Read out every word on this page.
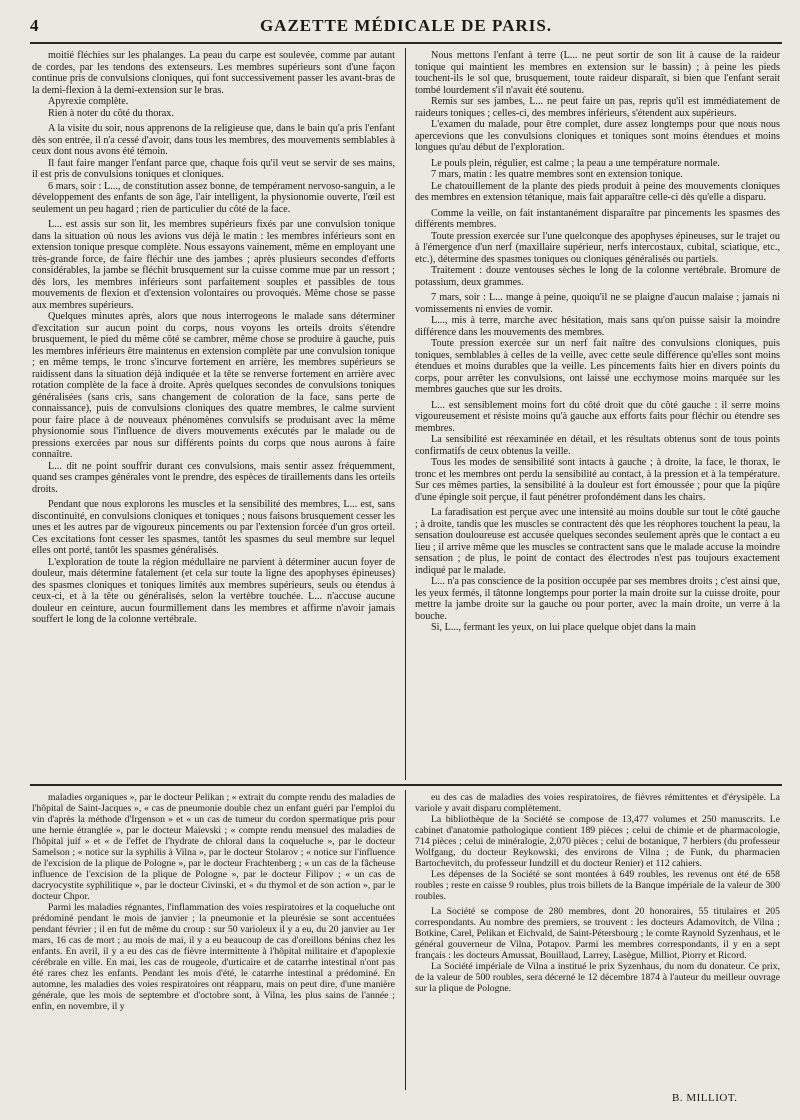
4	GAZETTE MÉDICALE DE PARIS.

moitié fléchies sur les phalanges. La peau du carpe est soulevée, comme par autant de cordes, par les tendons des extenseurs. Les membres supérieurs sont d'une façon continue pris de convulsions cloniques, qui font successivement passer les avant-bras de la demi-flexion à la demi-extension sur le bras.

Apyrexie complète.

Rien à noter du côté du thorax.

A la visite du soir, nous apprenons de la religieuse que, dans le bain qu'a pris l'enfant dès son entrée, il n'a cessé d'avoir, dans tous les membres, des mouvements semblables à ceux dont nous avons été témoin.

Il faut faire manger l'enfant parce que, chaque fois qu'il veut se servir de ses mains, il est pris de convulsions toniques et cloniques.

6 mars, soir : L..., de constitution assez bonne, de tempérament nervoso-sanguin, a le développement des enfants de son âge, l'air intelligent, la physionomie ouverte, l'œil est seulement un peu hagard ; rien de particulier du côté de la face.

L... est assis sur son lit, les membres supérieurs fixés par une convulsion tonique dans la situation où nous les avions vus déjà le matin : les membres inférieurs sont en extension tonique presque complète. Nous essayons vainement, même en employant une très-grande force, de faire fléchir une des jambes ; après plusieurs secondes d'efforts considérables, la jambe se fléchit brusquement sur la cuisse comme mue par un ressort ; dès lors, les membres inférieurs sont parfaitement souples et passibles de tous mouvements de flexion et d'extension volontaires ou provoqués. Même chose se passe aux membres supérieurs.

Quelques minutes après, alors que nous interrogeons le malade sans déterminer d'excitation sur aucun point du corps, nous voyons les orteils droits s'étendre brusquement, le pied du même côté se cambrer, même chose se produire à gauche, puis les membres inférieurs être maintenus en extension complète par une convulsion tonique ; en même temps, le tronc s'incurve fortement en arrière, les membres supérieurs se raidissent dans la situation déjà indiquée et la tête se renverse fortement en arrière avec rotation complète de la face à droite. Après quelques secondes de convulsions toniques généralisées (sans cris, sans changement de coloration de la face, sans perte de connaissance), puis de convulsions cloniques des quatre membres, le calme survient pour faire place à de nouveaux phénomènes convulsifs se produisant avec la même physionomie sous l'influence de divers mouvements exécutés par le malade ou de pressions exercées par nous sur différents points du corps que nous aurons à faire connaître.

L... dit ne point souffrir durant ces convulsions, mais sentir assez fréquemment, quand ses crampes générales vont le prendre, des espèces de tiraillements dans les orteils droits.

Pendant que nous explorons les muscles et la sensibilité des membres, L... est, sans discontinuité, en convulsions cloniques et toniques ; nous faisons brusquement cesser les unes et les autres par de vigoureux pincements ou par l'extension forcée d'un gros orteil. Ces excitations font cesser les spasmes, tantôt les spasmes du seul membre sur lequel elles ont porté, tantôt les spasmes généralisés.

L'exploration de toute la région médullaire ne parvient à déterminer aucun foyer de douleur, mais détermine fatalement (et cela sur toute la ligne des apophyses épineuses) des spasmes cloniques et toniques limités aux membres supérieurs, seuls ou étendus à ceux-ci, et à la tête ou généralisés, selon la vertèbre touchée. L... n'accuse aucune douleur en ceinture, aucun fourmillement dans les membres et affirme n'avoir jamais souffert le long de la colonne vertébrale.

Nous mettons l'enfant à terre (L... ne peut sortir de son lit à cause de la raideur tonique qui maintient les membres en extension sur le bassin) ; à peine les pieds touchent-ils le sol que, brusquement, toute raideur disparaît, si bien que l'enfant serait tombé lourdement s'il n'avait été soutenu.

Remis sur ses jambes, L... ne peut faire un pas, repris qu'il est immédiatement de raideurs toniques ; celles-ci, des membres inférieurs, s'étendent aux supérieurs.

L'examen du malade, pour être complet, dure assez longtemps pour que nous nous apercevions que les convulsions cloniques et toniques sont moins étendues et moins longues qu'au début de l'exploration.

Le pouls plein, régulier, est calme ; la peau a une température normale.

7 mars, matin : les quatre membres sont en extension tonique.

Le chatouillement de la plante des pieds produit à peine des mouvements cloniques des membres en extension tétanique, mais fait apparaître celle-ci dès qu'elle a disparu.

Comme la veille, on fait instantanément disparaître par pincements les spasmes des différents membres.

Toute pression exercée sur l'une quelconque des apophyses épineuses, sur le trajet ou à l'émergence d'un nerf (maxillaire supérieur, nerfs intercostaux, cubital, sciatique, etc., etc.), détermine des spasmes toniques ou cloniques généralisés ou partiels.

Traitement : douze ventouses sèches le long de la colonne vertébrale. Bromure de potassium, deux grammes.

7 mars, soir : L... mange à peine, quoiqu'il ne se plaigne d'aucun malaise ; jamais ni vomissements ni envies de vomir.

L..., mis à terre, marche avec hésitation, mais sans qu'on puisse saisir la moindre différence dans les mouvements des membres.

Toute pression exercée sur un nerf fait naître des convulsions cloniques, puis toniques, semblables à celles de la veille, avec cette seule différence qu'elles sont moins étendues et moins durables que la veille. Les pincements faits hier en divers points du corps, pour arrêter les convulsions, ont laissé une ecchymose moins marquée sur les membres gauches que sur les droits.

L... est sensiblement moins fort du côté droit que du côté gauche : il serre moins vigoureusement et résiste moins qu'à gauche aux efforts faits pour fléchir ou étendre ses membres.

La sensibilité est réexaminée en détail, et les résultats obtenus sont de tous points confirmatifs de ceux obtenus la veille.

Tous les modes de sensibilité sont intacts à gauche ; à droite, la face, le thorax, le tronc et les membres ont perdu la sensibilité au contact, à la pression et à la température. Sur ces mêmes parties, la sensibilité à la douleur est fort émoussée ; pour que la piqûre d'une épingle soit perçue, il faut pénétrer profondément dans les chairs.

La faradisation est perçue avec une intensité au moins double sur tout le côté gauche ; à droite, tandis que les muscles se contractent dès que les réophores touchent la peau, la sensation douloureuse est accusée quelques secondes seulement après que le contact a eu lieu ; il arrive même que les muscles se contractent sans que le malade accuse la moindre sensation ; de plus, le point de contact des électrodes n'est pas toujours exactement indiqué par le malade.

L... n'a pas conscience de la position occupée par ses membres droits ; c'est ainsi que, les yeux fermés, il tâtonne longtemps pour porter la main droite sur la cuisse droite, pour mettre la jambe droite sur la gauche ou pour porter, avec la main droite, un verre à la bouche.

Si, L..., fermant les yeux, on lui place quelque objet dans la main

maladies organiques », par le docteur Pelikan ; « extrait du compte rendu des maladies de l'hôpital de Saint-Jacques », « cas de pneumonie double chez un enfant guéri par l'emploi du vin d'après la méthode d'Irgenson » et « un cas de tumeur du cordon spermatique pris pour une hernie étranglée », par le docteur Maïevski ; « compte rendu mensuel des maladies de l'hôpital juif » et « de l'effet de l'hydrate de chloral dans la coqueluche », par le docteur Samelson ; « notice sur la syphilis à Vilna », par le docteur Stolarov ; « notice sur l'influence de l'excision de la plique de Pologne », par le docteur Frachtenberg ; « un cas de la fâcheuse influence de l'excision de la plique de Pologne », par le docteur Filipov ; « un cas de dacryocystite syphilitique », par le docteur Civinski, et « du thymol et de son action », par le docteur Chpor.

Parmi les maladies régnantes, l'inflammation des voies respiratoires et la coqueluche ont prédominé pendant le mois de janvier ; la pneumonie et la pleurésie se sont accentuées pendant février ; il en fut de même du croup : sur 50 varioleux il y a eu, du 20 janvier au 1er mars, 16 cas de mort ; au mois de mai, il y a eu beaucoup de cas d'oreillons bénins chez les enfants. En avril, il y a eu des cas de fièvre intermittente à l'hôpital militaire et d'apoplexie cérébrale en ville. En mai, les cas de rougeole, d'urticaire et de catarrhe intestinal n'ont pas été rares chez les enfants. Pendant les mois d'été, le catarrhe intestinal a prédominé. En automne, les maladies des voies respiratoires ont réapparu, mais on peut dire, d'une manière générale, que les mois de septembre et d'octobre sont, à Vilna, les plus sains de l'année ; enfin, en novembre, il y

eu des cas de maladies des voies respiratoires, de fièvres rémittentes et d'érysipèle. La variole y avait disparu complètement.

La bibliothèque de la Société se compose de 13,477 volumes et 250 manuscrits. Le cabinet d'anatomie pathologique contient 189 pièces ; celui de chimie et de pharmacologie, 714 pièces ; celui de minéralogie, 2,070 pièces ; celui de botanique, 7 herbiers (du professeur Wolfgang, du docteur Reykowski, des environs de Vilna ; de Funk, du pharmacien Bartochevitch, du professeur Iundzill et du docteur Renier) et 112 cahiers.

Les dépenses de la Société se sont montées à 649 roubles, les revenus ont été de 658 roubles ; reste en caisse 9 roubles, plus trois billets de la Banque impériale de la valeur de 300 roubles.

La Société se compose de 280 membres, dont 20 honoraires, 55 titulaires et 205 correspondants. Au nombre des premiers, se trouvent : les docteurs Adamovitch, de Vilna ; Botkine, Carel, Pelikan et Eichvald, de Saint-Pétersbourg ; le comte Raynold Syzenhaus, et le général gouverneur de Vilna, Potapov. Parmi les membres correspondants, il y en a sept français : les docteurs Amussat, Bouillaud, Larrey, Lasègue, Milliot, Piorry et Ricord.

La Société impériale de Vilna a institué le prix Syzenhaus, du nom du donateur. Ce prix, de la valeur de 500 roubles, sera décerné le 12 décembre 1874 à l'auteur du meilleur ouvrage sur la plique de Pologne.

B. MILLIOT.
